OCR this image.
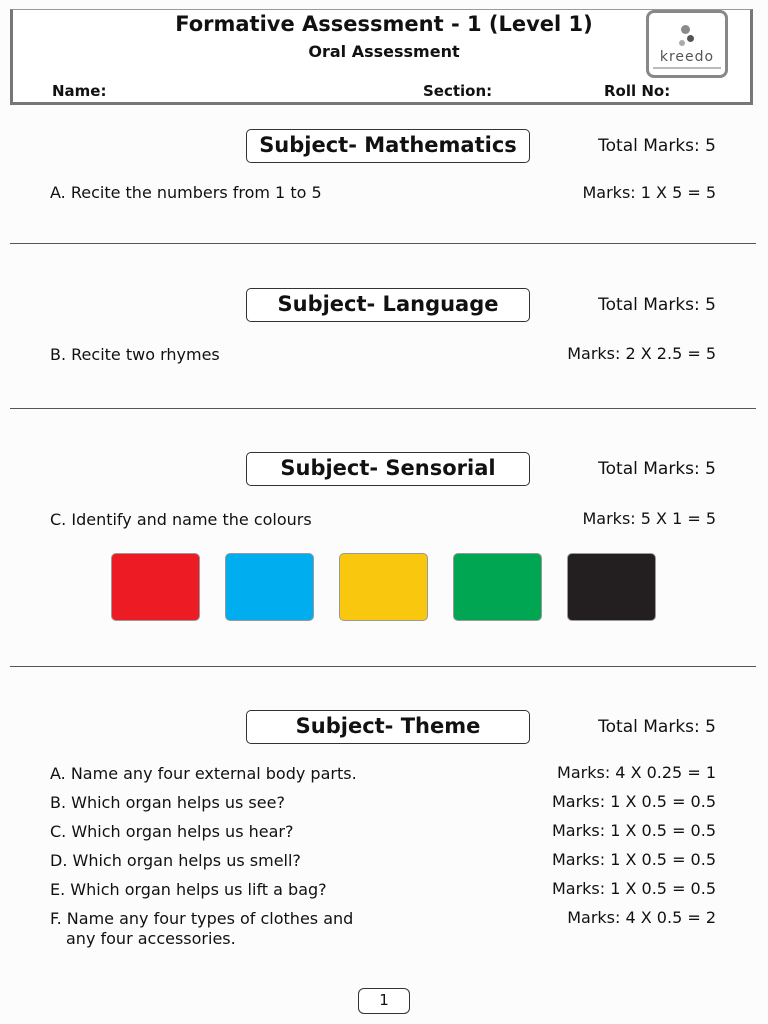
Formative Assessment - 1 (Level 1)
Oral Assessment
Name:	Section:	Roll No:
kreedo
Subject- Mathematics	Total Marks: 5
A. Recite the numbers from 1 to 5	Marks: 1 X 5 = 5
Subject- Language	Total Marks: 5
B. Recite two rhymes	Marks: 2 X 2.5 = 5
Subject- Sensorial	Total Marks: 5
C. Identify and name the colours	Marks: 5 X 1 = 5
Subject- Theme	Total Marks: 5
A. Name any four external body parts.	Marks: 4 X 0.25 = 1
B. Which organ helps us see?	Marks: 1 X 0.5 = 0.5
C. Which organ helps us hear?	Marks: 1 X 0.5 = 0.5
D. Which organ helps us smell?	Marks: 1 X 0.5 = 0.5
E. Which organ helps us lift a bag?	Marks: 1 X 0.5 = 0.5
F. Name any four types of clothes and
any four accessories.
Marks: 4 X 0.5 = 2
1
